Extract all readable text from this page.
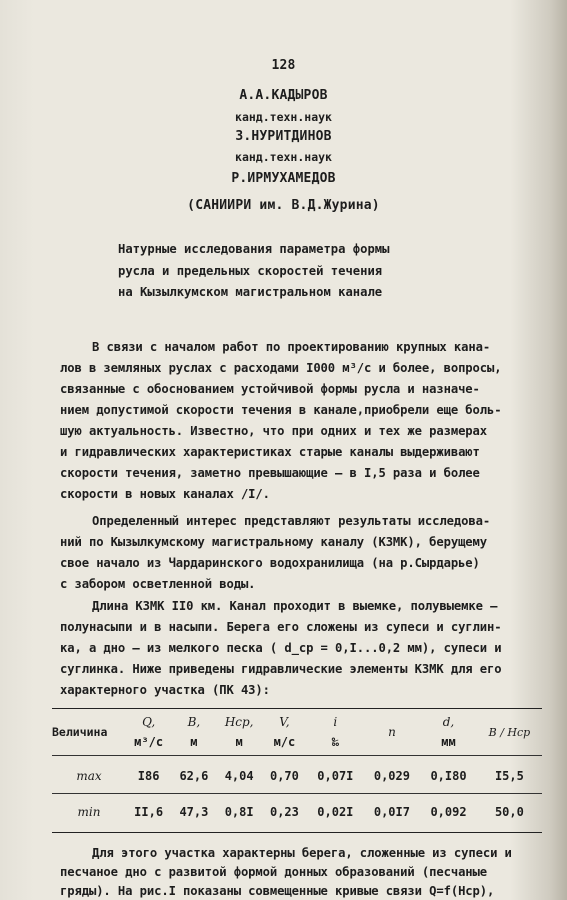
128
А.А.КАДЫРОВ
канд.техн.наук
З.НУРИТДИНОВ
канд.техн.наук
Р.ИРМУХАМЕДОВ
(САНИИРИ им. В.Д.Журина)
Натурные исследования параметра формы
русла и предельных скоростей течения
на Кызылкумском магистральном канале
В связи с началом работ по проектированию крупных кана-
лов в земляных руслах с расходами I000 м³/с и более, вопросы,
связанные с обоснованием устойчивой формы русла и назначе-
нием допустимой скорости течения в канале,приобрели еще боль-
шую актуальность. Известно, что при одних и тех же размерах
и гидравлических характеристиках старые каналы выдерживают
скорости течения, заметно превышающие – в I,5 раза и более
скорости в новых каналах /I/.
Определенный интерес представляют результаты исследова-
ний по Кызылкумскому магистральному каналу (КЗМК), берущему
свое начало из Чардаринского водохранилища (на р.Сырдарье)
с забором осветленной воды.
Длина КЗМК II0 км. Канал проходит в выемке, полувыемке –
полунасыпи и в насыпи. Берега его сложены из супеси и суглин-
ка, а дно – из мелкого песка ( d_ср = 0,I...0,2 мм), супеси и
суглинка. Ниже приведены гидравлические элементы КЗМК для его
характерного участка (ПК 43):
Величина	Q,	B,	Hср,	V,	i	n	d,	B / Hср
	м³/с	м	м	м/с	‰		мм	
max	I86	62,6	4,04	0,70	0,07I	0,029	0,I80	I5,5
min	II,6	47,3	0,8I	0,23	0,02I	0,0I7	0,092	50,0
Для этого участка характерны берега, сложенные из супеси и
песчаное дно с развитой формой донных образований (песчаные
гряды). На рис.I показаны совмещенные кривые связи Q=f(Hср),
